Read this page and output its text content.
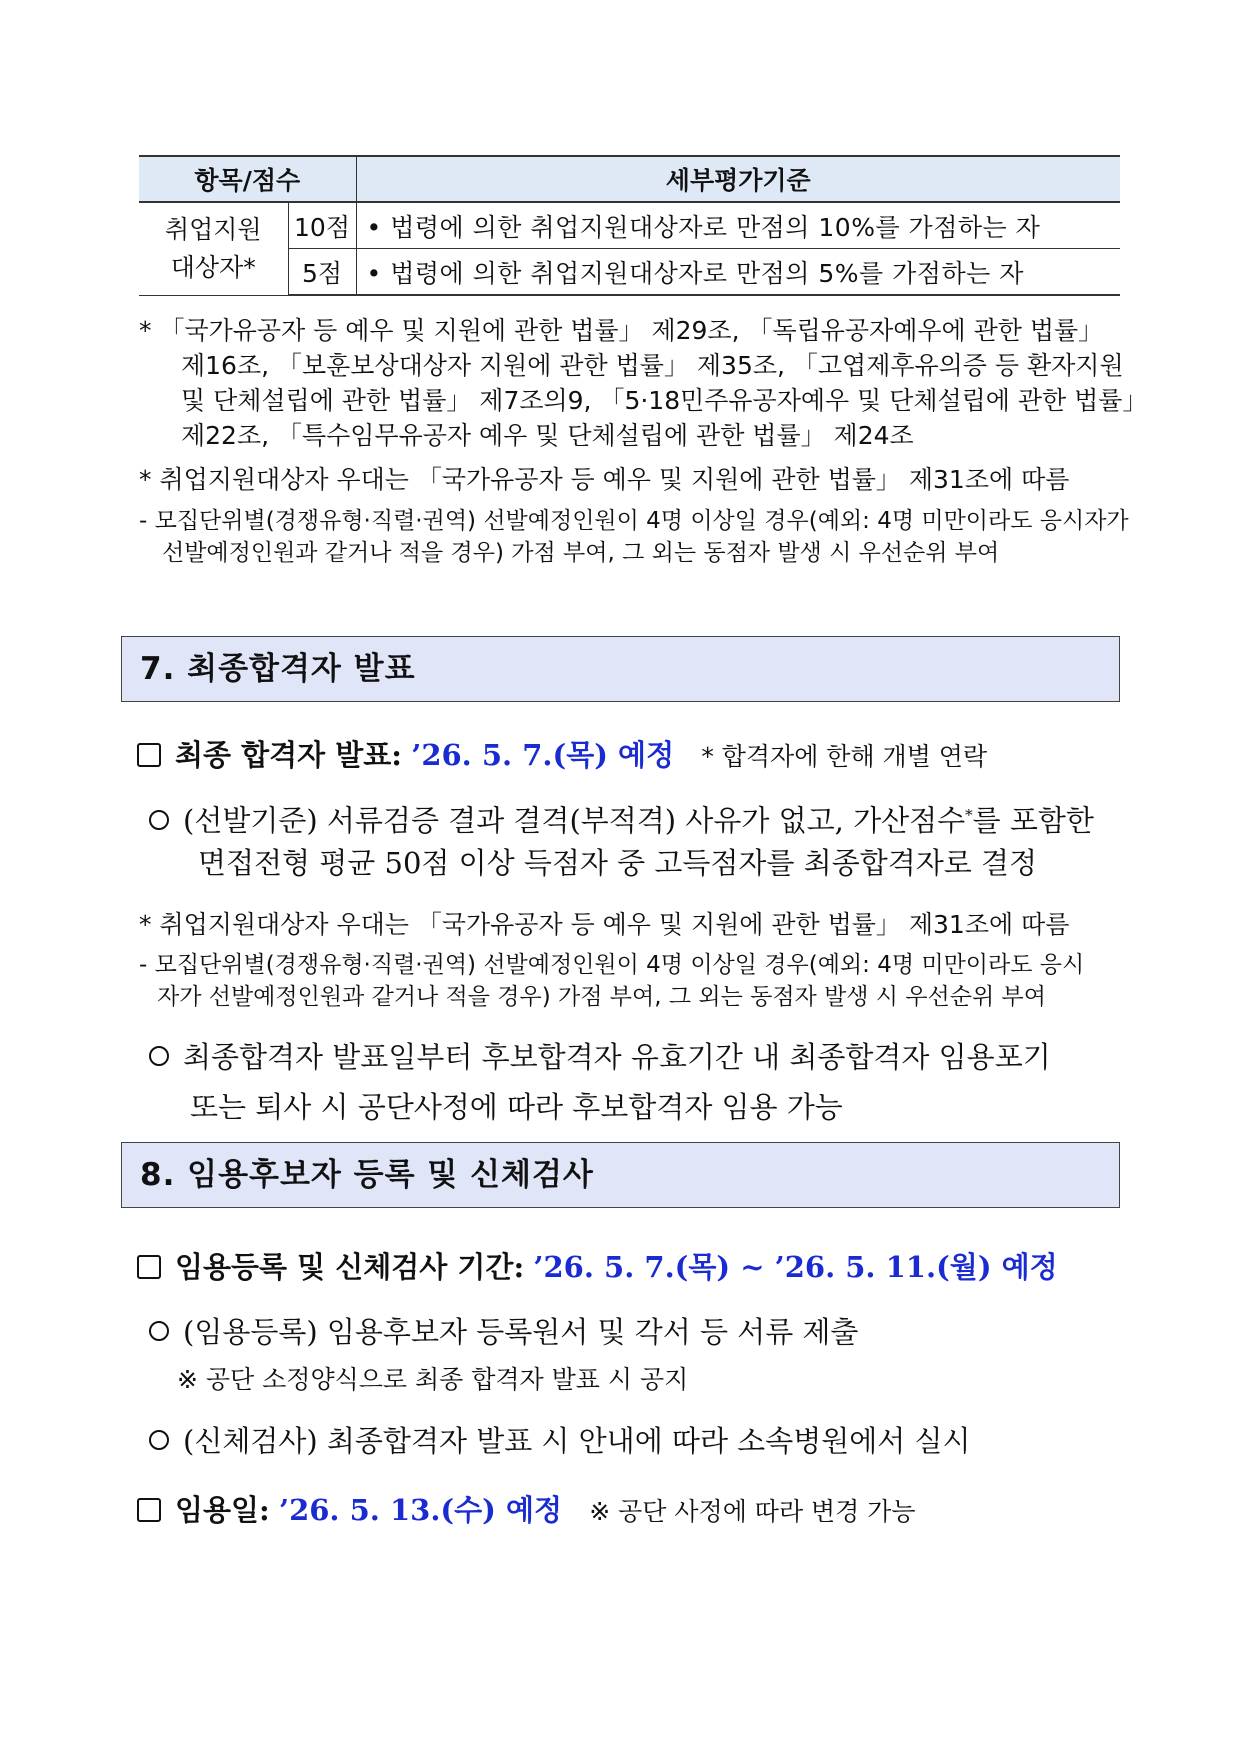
항목/점수		세부평가기준
취업지원
대상자*	10점	• 법령에 의한 취업지원대상자로 만점의 10%를 가점하는 자
	5점	• 법령에 의한 취업지원대상자로 만점의 5%를 가점하는 자

* 「국가유공자 등 예우 및 지원에 관한 법률」 제29조, 「독립유공자예우에 관한 법률」

제16조, 「보훈보상대상자 지원에 관한 법률」 제35조, 「고엽제후유의증 등 환자지원

및 단체설립에 관한 법률」 제7조의9, 「5·18민주유공자예우 및 단체설립에 관한 법률」

제22조, 「특수임무유공자 예우 및 단체설립에 관한 법률」 제24조

* 취업지원대상자 우대는 「국가유공자 등 예우 및 지원에 관한 법률」 제31조에 따름

- 모집단위별(경쟁유형·직렬·권역) 선발예정인원이 4명 이상일 경우(예외: 4명 미만이라도 응시자가

선발예정인원과 같거나 적을 경우) 가점 부여, 그 외는 동점자 발생 시 우선순위 부여

7. 최종합격자 발표

최종 합격자 발표: ’26. 5. 7.(목) 예정 * 합격자에 한해 개별 연락

(선발기준) 서류검증 결과 결격(부적격) 사유가 없고, 가산점수*를 포함한

면접전형 평균 50점 이상 득점자 중 고득점자를 최종합격자로 결정

* 취업지원대상자 우대는 「국가유공자 등 예우 및 지원에 관한 법률」 제31조에 따름

- 모집단위별(경쟁유형·직렬·권역) 선발예정인원이 4명 이상일 경우(예외: 4명 미만이라도 응시

자가 선발예정인원과 같거나 적을 경우) 가점 부여, 그 외는 동점자 발생 시 우선순위 부여

최종합격자 발표일부터 후보합격자 유효기간 내 최종합격자 임용포기

또는 퇴사 시 공단사정에 따라 후보합격자 임용 가능

8. 임용후보자 등록 및 신체검사

임용등록 및 신체검사 기간: ’26. 5. 7.(목) ~ ’26. 5. 11.(월) 예정

(임용등록) 임용후보자 등록원서 및 각서 등 서류 제출

※ 공단 소정양식으로 최종 합격자 발표 시 공지

(신체검사) 최종합격자 발표 시 안내에 따라 소속병원에서 실시

임용일: ’26. 5. 13.(수) 예정 ※ 공단 사정에 따라 변경 가능
